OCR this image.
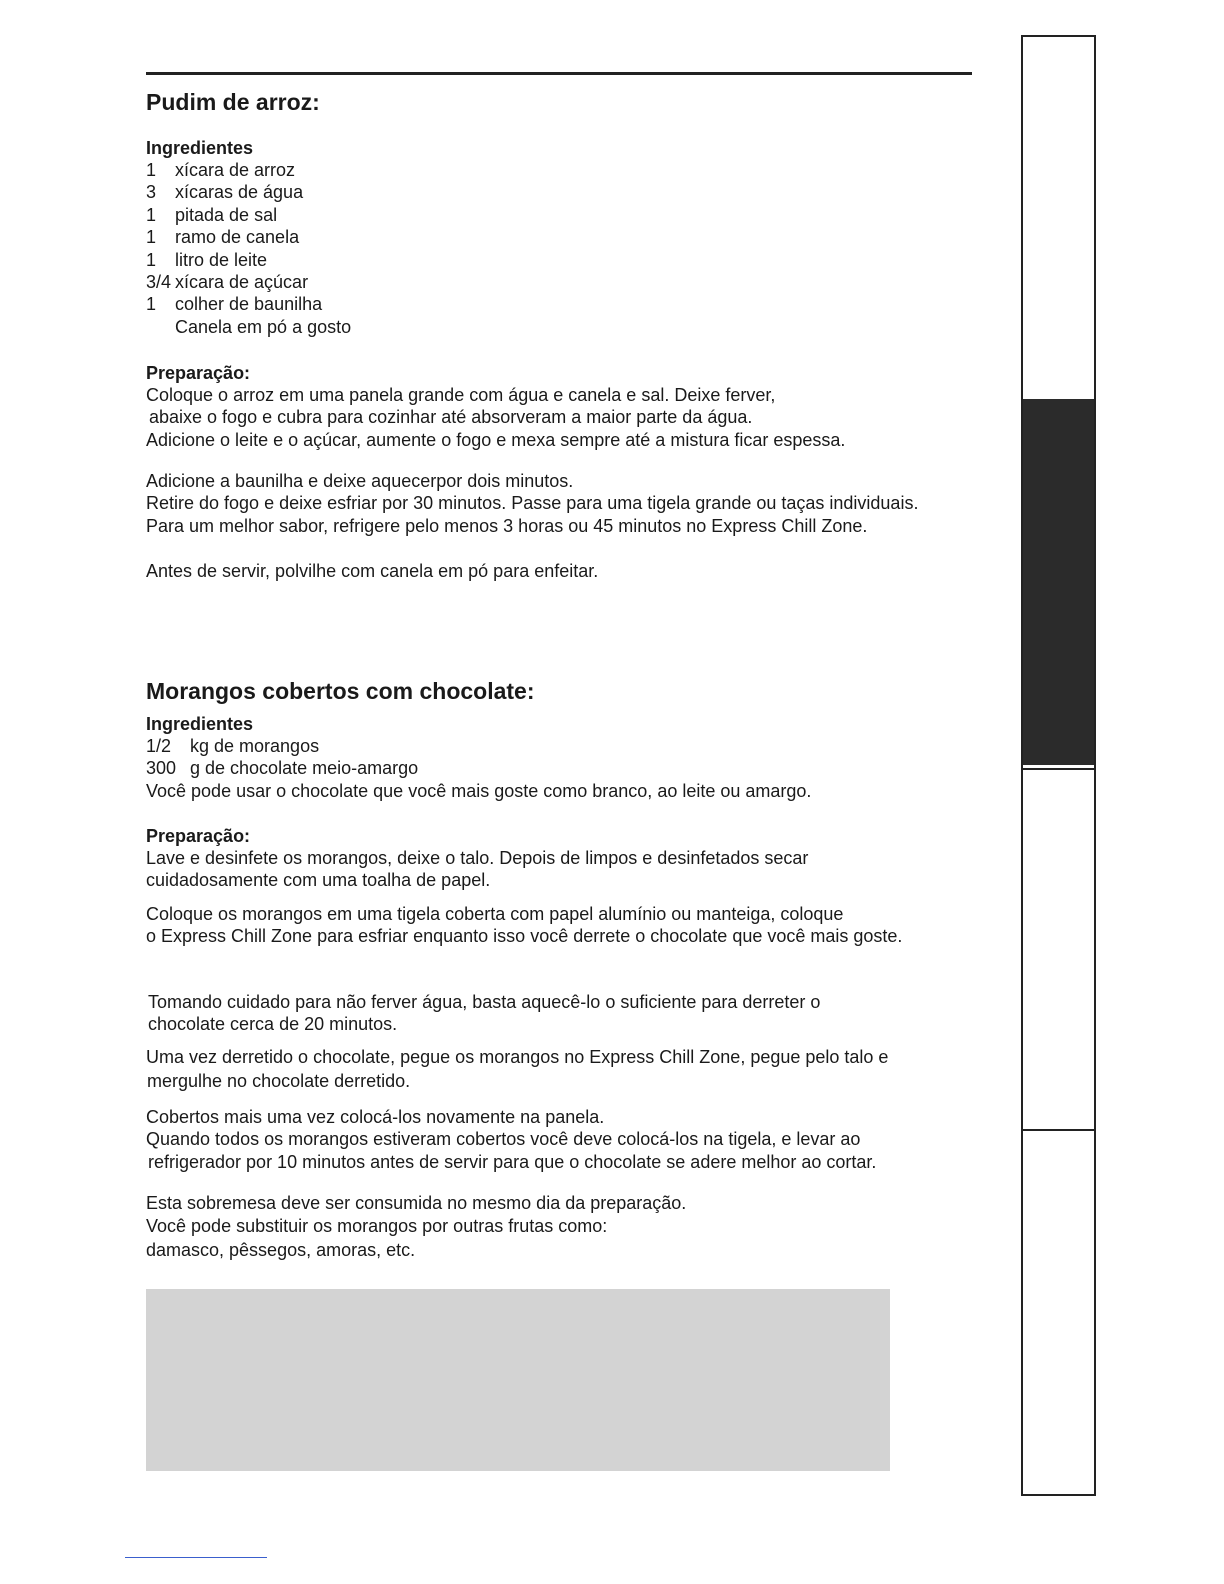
Pudim de arroz:
Ingredientes
1	xícara de arroz
3	xícaras de água
1	pitada de sal
1	ramo de canela
1	litro de leite
3/4 xícara de açúcar
1	colher de baunilha
Canela em pó a gosto
Preparação:
Coloque o arroz em uma panela grande com água e canela e sal. Deixe ferver,
abaixe o fogo e cubra para cozinhar até absorveram a maior parte da água.
Adicione o leite e o açúcar, aumente o fogo e mexa sempre até a mistura ficar espessa.
Adicione a baunilha e deixe aquecerpor dois minutos.
Retire do fogo e deixe esfriar por 30 minutos. Passe para uma tigela grande ou taças individuais.
Para um melhor sabor, refrigere pelo menos 3 horas ou 45 minutos no Express Chill Zone.
Antes de servir, polvilhe com canela em pó para enfeitar.
Morangos cobertos com chocolate:
Ingredientes
1/2	kg de morangos
300 g de chocolate meio-amargo
Você pode usar o chocolate que você mais goste como branco, ao leite ou amargo.
Preparação:
Lave e desinfete os morangos, deixe o talo. Depois de limpos e desinfetados secar
cuidadosamente com uma toalha de papel.
Coloque os morangos em uma tigela coberta com papel alumínio ou manteiga, coloque
o Express Chill Zone para esfriar enquanto isso você derrete o chocolate que você mais goste.
Tomando cuidado para não ferver água, basta aquecê-lo o suficiente para derreter o
chocolate cerca de 20 minutos.
Uma vez derretido o chocolate, pegue os morangos no Express Chill Zone, pegue pelo talo e
mergulhe no chocolate derretido.
Cobertos mais uma vez colocá-los novamente na panela.
Quando todos os morangos estiveram cobertos você deve colocá-los na tigela, e levar ao
refrigerador por 10 minutos antes de servir para que o chocolate se adere melhor ao cortar.
Esta sobremesa deve ser consumida no mesmo dia da preparação.
Você pode substituir os morangos por outras frutas como:
damasco, pêssegos, amoras, etc.
